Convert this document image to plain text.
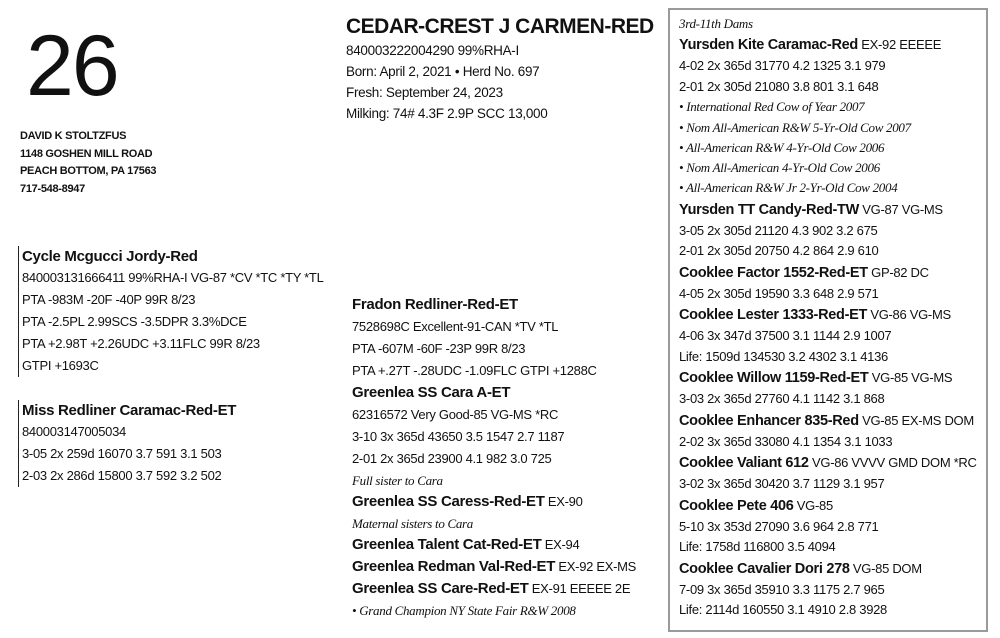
26
DAVID K STOLTZFUS
1148 GOSHEN MILL ROAD
PEACH BOTTOM, PA 17563
717-548-8947
CEDAR-CREST J CARMEN-RED
840003222004290 99%RHA-I
Born: April 2, 2021 • Herd No. 697
Fresh: September 24, 2023
Milking: 74# 4.3F 2.9P SCC 13,000
Cycle Mcgucci Jordy-Red
840003131666411 99%RHA-I VG-87 *CV *TC *TY *TL
PTA -983M -20F -40P 99R 8/23
PTA -2.5PL 2.99SCS -3.5DPR 3.3%DCE
PTA +2.98T +2.26UDC +3.11FLC 99R 8/23
GTPI +1693C
Miss Redliner Caramac-Red-ET
840003147005034
3-05 2x 259d 16070 3.7 591 3.1 503
2-03 2x 286d 15800 3.7 592 3.2 502
Fradon Redliner-Red-ET
7528698C Excellent-91-CAN *TV *TL
PTA -607M -60F -23P 99R 8/23
PTA +.27T -.28UDC -1.09FLC GTPI +1288C
Greenlea SS Cara A-ET
62316572 Very Good-85 VG-MS *RC
3-10 3x 365d 43650 3.5 1547 2.7 1187
2-01 2x 365d 23900 4.1 982 3.0 725
Full sister to Cara
Greenlea SS Caress-Red-ET EX-90
Maternal sisters to Cara
Greenlea Talent Cat-Red-ET EX-94
Greenlea Redman Val-Red-ET EX-92 EX-MS
Greenlea SS Care-Red-ET EX-91 EEEEE 2E
• Grand Champion NY State Fair R&W 2008
3rd-11th Dams
Yursden Kite Caramac-Red EX-92 EEEEE
4-02 2x 365d 31770 4.2 1325 3.1 979
2-01 2x 305d 21080 3.8 801 3.1 648
• International Red Cow of Year 2007
• Nom All-American R&W 5-Yr-Old Cow 2007
• All-American R&W 4-Yr-Old Cow 2006
• Nom All-American 4-Yr-Old Cow 2006
• All-American R&W Jr 2-Yr-Old Cow 2004
Yursden TT Candy-Red-TW VG-87 VG-MS
3-05 2x 305d 21120 4.3 902 3.2 675
2-01 2x 305d 20750 4.2 864 2.9 610
Cooklee Factor 1552-Red-ET GP-82 DC
4-05 2x 305d 19590 3.3 648 2.9 571
Cooklee Lester 1333-Red-ET VG-86 VG-MS
4-06 3x 347d 37500 3.1 1144 2.9 1007
Life: 1509d 134530 3.2 4302 3.1 4136
Cooklee Willow 1159-Red-ET VG-85 VG-MS
3-03 2x 365d 27760 4.1 1142 3.1 868
Cooklee Enhancer 835-Red VG-85 EX-MS DOM
2-02 3x 365d 33080 4.1 1354 3.1 1033
Cooklee Valiant 612 VG-86 VVVV GMD DOM *RC
3-02 3x 365d 30420 3.7 1129 3.1 957
Cooklee Pete 406 VG-85
5-10 3x 353d 27090 3.6 964 2.8 771
Life: 1758d 116800 3.5 4094
Cooklee Cavalier Dori 278 VG-85 DOM
7-09 3x 365d 35910 3.3 1175 2.7 965
Life: 2114d 160550 3.1 4910 2.8 3928
